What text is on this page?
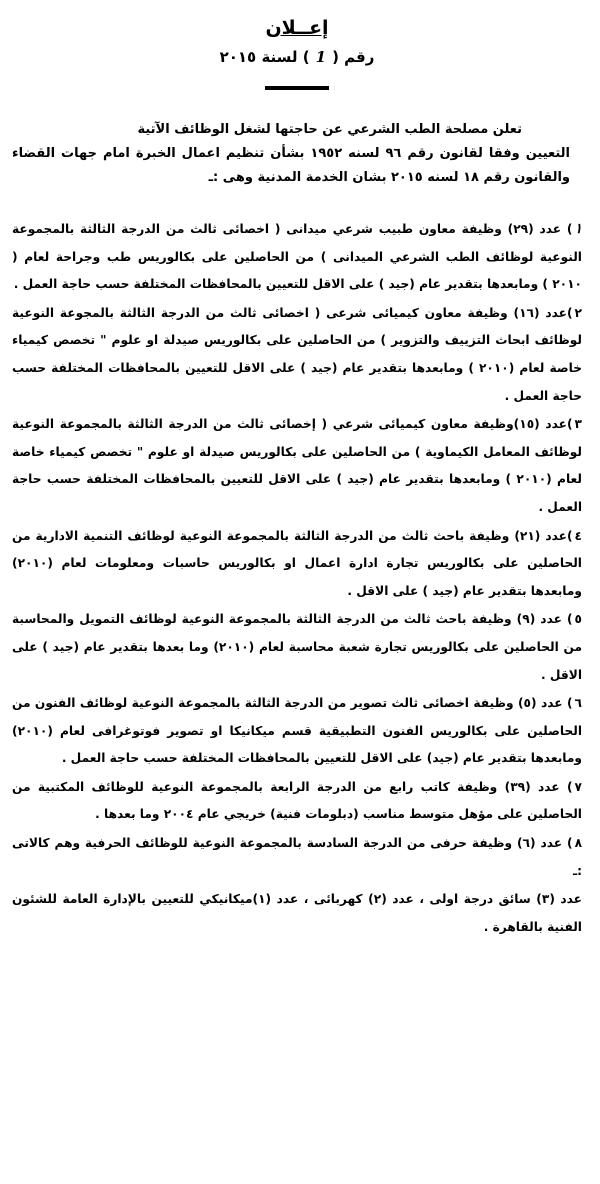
إعــلان
رقم (1) لسنة ٢٠١٥

تعلن مصلحة الطب الشرعي عن حاجتها لشغل الوظائف الآتية

التعيين وفقا لقانون رقم ٩٦ لسنه ١٩٥٢ بشأن تنظيم اعمال الخبرة امام جهات القضاء والقانون رقم ١٨ لسنه ٢٠١٥ بشان الخدمة المدنية وهى :ـ

١) عدد (٢٩) وظيفة معاون طبيب شرعي ميدانى ( اخصائى ثالث من الدرجة الثالثة بالمجموعة النوعية لوظائف الطب الشرعي الميدانى ) من الحاصلين على بكالوريس طب وجراحة لعام ( ٢٠١٠ ) ومابعدها بتقدير عام (جيد ) على الاقل للتعيين بالمحافظات المختلفة حسب حاجة العمل .

٢)عدد (١٦) وظيفة معاون كيميائى شرعى ( اخصائى ثالث من الدرجة الثالثة بالمجوعة النوعية لوظائف ابحاث التزييف والتزوير ) من الحاصلين على بكالوريس صيدلة او علوم " تخصص كيمياء خاصة لعام (٢٠١٠ ) ومابعدها بتقدير عام (جيد ) على الاقل للتعيين بالمحافظات المختلفة حسب حاجة العمل .

٣)عدد (١٥)وظيفة معاون كيميائى شرعي ( إخصائى ثالث من الدرجة الثالثة بالمجموعة النوعية لوظائف المعامل الكيماوية ) من الحاصلين على بكالوريس صيدلة او علوم " تخصص كيمياء خاصة لعام (٢٠١٠ ) ومابعدها بتقدير عام (جيد ) على الاقل للتعيين بالمحافظات المختلفة حسب حاجة العمل .

٤)عدد (٢١) وظيفة باحث ثالث من الدرجة الثالثة بالمجموعة النوعية لوظائف التنمية الادارية من الحاصلين على بكالوريس تجارة ادارة اعمال او بكالوريس حاسبات ومعلومات لعام (٢٠١٠) ومابعدها بتقدير عام (جيد ) على الاقل .

٥) عدد (٩) وظيفة باحث ثالث من الدرجة الثالثة بالمجموعة النوعية لوظائف التمويل والمحاسبة من الحاصلين على بكالوريس تجارة شعبة محاسبة لعام (٢٠١٠) وما بعدها بتقدير عام (جيد ) على الاقل .

٦) عدد (٥) وظيفة اخصائى ثالث تصوير من الدرجة الثالثة بالمجموعة النوعية لوظائف الفنون من الحاصلين على بكالوريس الفنون التطبيقية قسم ميكانيكا او تصوير فوتوغرافى لعام (٢٠١٠) ومابعدها بتقدير عام (جيد) على الاقل للتعيين بالمحافظات المختلفة حسب حاجة العمل .

٧) عدد (٣٩) وظيفة كاتب رابع من الدرجة الرابعة بالمجموعة النوعية للوظائف المكتبية من الحاصلين على مؤهل متوسط مناسب (دبلومات فنية) خريجي عام ٢٠٠٤ وما بعدها .

٨) عدد (٦) وظيفة حرفى من الدرجة السادسة بالمجموعة النوعية للوظائف الحرفية وهم كالاتى :ـ

عدد (٣) سائق درجة اولى ، عدد (٢) كهربائى ، عدد (١)ميكانيكي للتعيين بالإدارة العامة للشئون الفنية بالقاهرة .
